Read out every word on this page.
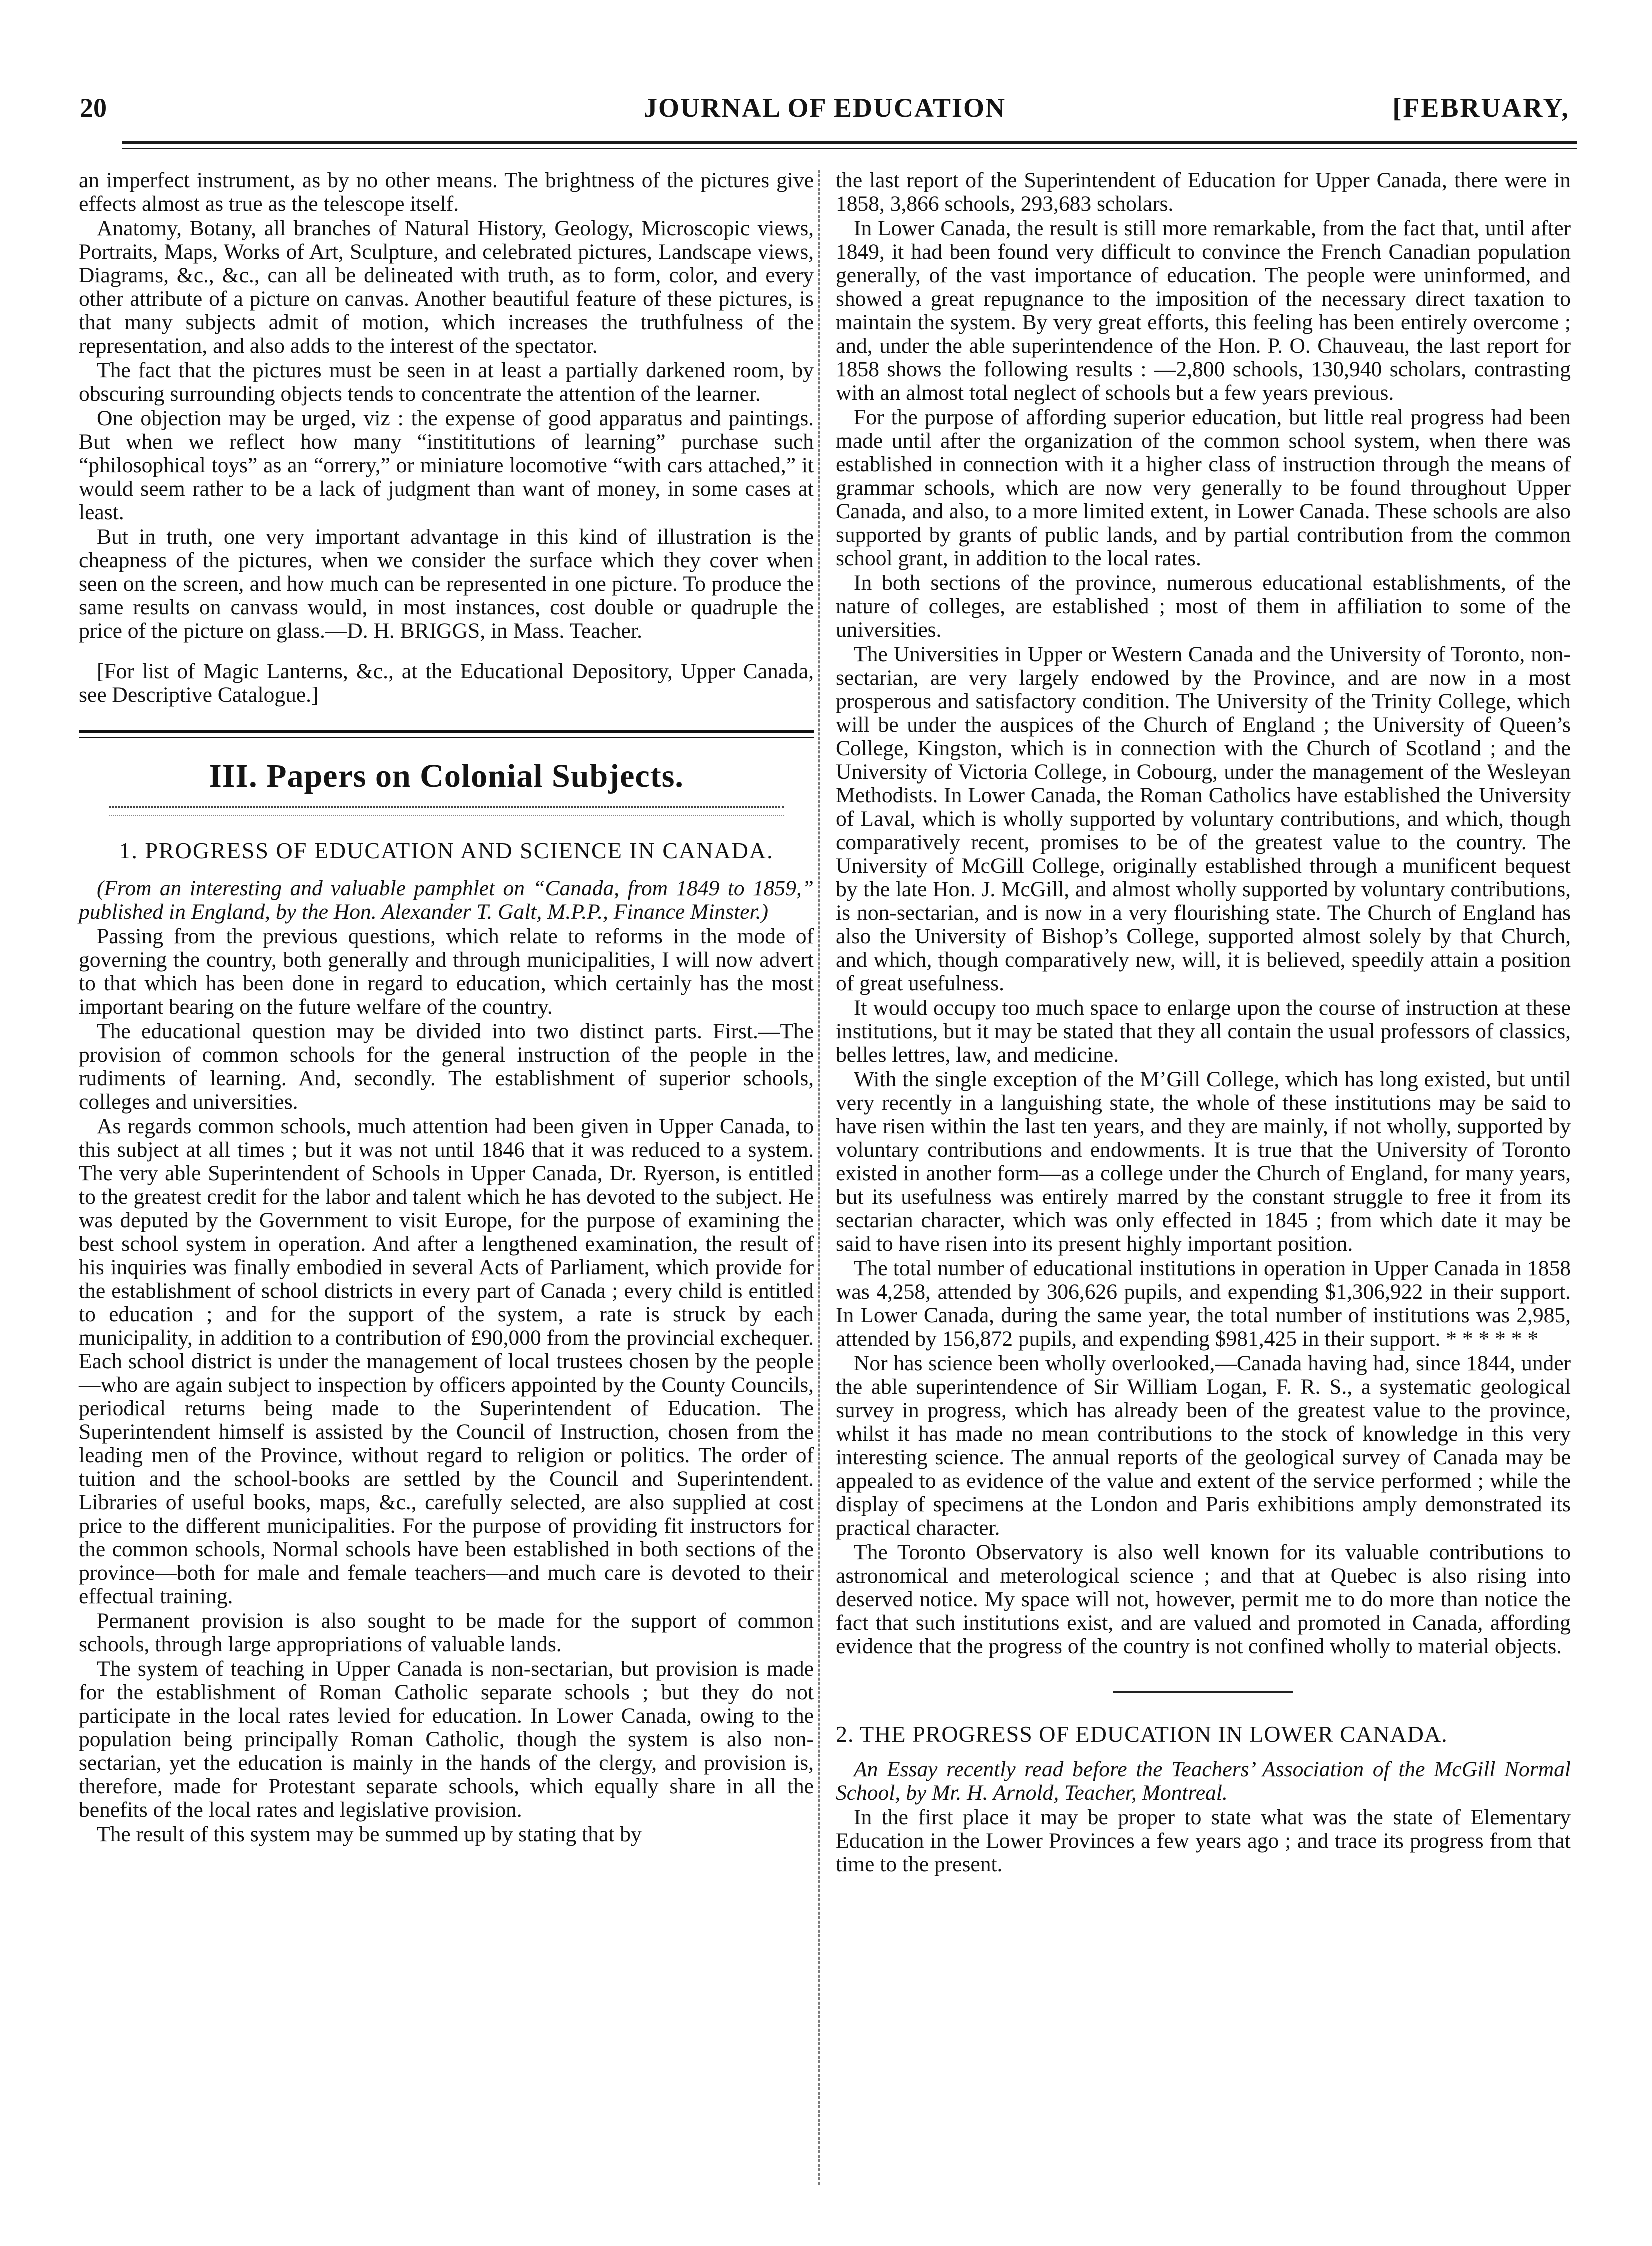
20	JOURNAL OF EDUCATION	[FEBRUARY,

an imperfect instrument, as by no other means. The brightness of the pictures give effects almost as true as the telescope itself.

Anatomy, Botany, all branches of Natural History, Geology, Microscopic views, Portraits, Maps, Works of Art, Sculpture, and celebrated pictures, Landscape views, Diagrams, &c., &c., can all be delineated with truth, as to form, color, and every other attribute of a picture on canvas. Another beautiful feature of these pictures, is that many subjects admit of motion, which increases the truthfulness of the representation, and also adds to the interest of the spectator.

The fact that the pictures must be seen in at least a partially darkened room, by obscuring surrounding objects tends to concentrate the attention of the learner.

One objection may be urged, viz : the expense of good apparatus and paintings. But when we reflect how many “instititutions of learning” purchase such “philosophical toys” as an “orrery,” or miniature locomotive “with cars attached,” it would seem rather to be a lack of judgment than want of money, in some cases at least.

But in truth, one very important advantage in this kind of illustration is the cheapness of the pictures, when we consider the surface which they cover when seen on the screen, and how much can be represented in one picture. To produce the same results on canvass would, in most instances, cost double or quadruple the price of the picture on glass.—D. H. BRIGGS, in Mass. Teacher.

[For list of Magic Lanterns, &c., at the Educational Depository, Upper Canada, see Descriptive Catalogue.]

III. Papers on Colonial Subjects.
1. PROGRESS OF EDUCATION AND SCIENCE IN CANADA.

(From an interesting and valuable pamphlet on “Canada, from 1849 to 1859,” published in England, by the Hon. Alexander T. Galt, M.P.P., Finance Minster.)

Passing from the previous questions, which relate to reforms in the mode of governing the country, both generally and through municipalities, I will now advert to that which has been done in regard to education, which certainly has the most important bearing on the future welfare of the country.

The educational question may be divided into two distinct parts. First.—The provision of common schools for the general instruction of the people in the rudiments of learning. And, secondly. The establishment of superior schools, colleges and universities.

As regards common schools, much attention had been given in Upper Canada, to this subject at all times ; but it was not until 1846 that it was reduced to a system. The very able Superintendent of Schools in Upper Canada, Dr. Ryerson, is entitled to the greatest credit for the labor and talent which he has devoted to the subject. He was deputed by the Government to visit Europe, for the purpose of examining the best school system in operation. And after a lengthened examination, the result of his inquiries was finally embodied in several Acts of Parliament, which provide for the establishment of school districts in every part of Canada ; every child is entitled to education ; and for the support of the system, a rate is struck by each municipality, in addition to a contribution of £90,000 from the provincial exchequer. Each school district is under the management of local trustees chosen by the people—who are again subject to inspection by officers appointed by the County Councils, periodical returns being made to the Superintendent of Education. The Superintendent himself is assisted by the Council of Instruction, chosen from the leading men of the Province, without regard to religion or politics. The order of tuition and the school-books are settled by the Council and Superintendent. Libraries of useful books, maps, &c., carefully selected, are also supplied at cost price to the different municipalities. For the purpose of providing fit instructors for the common schools, Normal schools have been established in both sections of the province—both for male and female teachers—and much care is devoted to their effectual training.

Permanent provision is also sought to be made for the support of common schools, through large appropriations of valuable lands.

The system of teaching in Upper Canada is non-sectarian, but provision is made for the establishment of Roman Catholic separate schools ; but they do not participate in the local rates levied for education. In Lower Canada, owing to the population being principally Roman Catholic, though the system is also non-sectarian, yet the education is mainly in the hands of the clergy, and provision is, therefore, made for Protestant separate schools, which equally share in all the benefits of the local rates and legislative provision.

The result of this system may be summed up by stating that by

the last report of the Superintendent of Education for Upper Canada, there were in 1858, 3,866 schools, 293,683 scholars.

In Lower Canada, the result is still more remarkable, from the fact that, until after 1849, it had been found very difficult to convince the French Canadian population generally, of the vast importance of education. The people were uninformed, and showed a great repugnance to the imposition of the necessary direct taxation to maintain the system. By very great efforts, this feeling has been entirely overcome ; and, under the able superintendence of the Hon. P. O. Chauveau, the last report for 1858 shows the following results : —2,800 schools, 130,940 scholars, contrasting with an almost total neglect of schools but a few years previous.

For the purpose of affording superior education, but little real progress had been made until after the organization of the common school system, when there was established in connection with it a higher class of instruction through the means of grammar schools, which are now very generally to be found throughout Upper Canada, and also, to a more limited extent, in Lower Canada. These schools are also supported by grants of public lands, and by partial contribution from the common school grant, in addition to the local rates.

In both sections of the province, numerous educational establishments, of the nature of colleges, are established ; most of them in affiliation to some of the universities.

The Universities in Upper or Western Canada and the University of Toronto, non-sectarian, are very largely endowed by the Province, and are now in a most prosperous and satisfactory condition. The University of the Trinity College, which will be under the auspices of the Church of England ; the University of Queen’s College, Kingston, which is in connection with the Church of Scotland ; and the University of Victoria College, in Cobourg, under the management of the Wesleyan Methodists. In Lower Canada, the Roman Catholics have established the University of Laval, which is wholly supported by voluntary contributions, and which, though comparatively recent, promises to be of the greatest value to the country. The University of McGill College, originally established through a munificent bequest by the late Hon. J. McGill, and almost wholly supported by voluntary contributions, is non-sectarian, and is now in a very flourishing state. The Church of England has also the University of Bishop’s College, supported almost solely by that Church, and which, though comparatively new, will, it is believed, speedily attain a position of great usefulness.

It would occupy too much space to enlarge upon the course of instruction at these institutions, but it may be stated that they all contain the usual professors of classics, belles lettres, law, and medicine.

With the single exception of the M’Gill College, which has long existed, but until very recently in a languishing state, the whole of these institutions may be said to have risen within the last ten years, and they are mainly, if not wholly, supported by voluntary contributions and endowments. It is true that the University of Toronto existed in another form—as a college under the Church of England, for many years, but its usefulness was entirely marred by the constant struggle to free it from its sectarian character, which was only effected in 1845 ; from which date it may be said to have risen into its present highly important position.

The total number of educational institutions in operation in Upper Canada in 1858 was 4,258, attended by 306,626 pupils, and expending $1,306,922 in their support. In Lower Canada, during the same year, the total number of institutions was 2,985, attended by 156,872 pupils, and expending $981,425 in their support. * * * * * *

Nor has science been wholly overlooked,—Canada having had, since 1844, under the able superintendence of Sir William Logan, F. R. S., a systematic geological survey in progress, which has already been of the greatest value to the province, whilst it has made no mean contributions to the stock of knowledge in this very interesting science. The annual reports of the geological survey of Canada may be appealed to as evidence of the value and extent of the service performed ; while the display of specimens at the London and Paris exhibitions amply demonstrated its practical character.

The Toronto Observatory is also well known for its valuable contributions to astronomical and meterological science ; and that at Quebec is also rising into deserved notice. My space will not, however, permit me to do more than notice the fact that such institutions exist, and are valued and promoted in Canada, affording evidence that the progress of the country is not confined wholly to material objects.

2. THE PROGRESS OF EDUCATION IN LOWER CANADA.

An Essay recently read before the Teachers’ Association of the McGill Normal School, by Mr. H. Arnold, Teacher, Montreal.

In the first place it may be proper to state what was the state of Elementary Education in the Lower Provinces a few years ago ; and trace its progress from that time to the present.
